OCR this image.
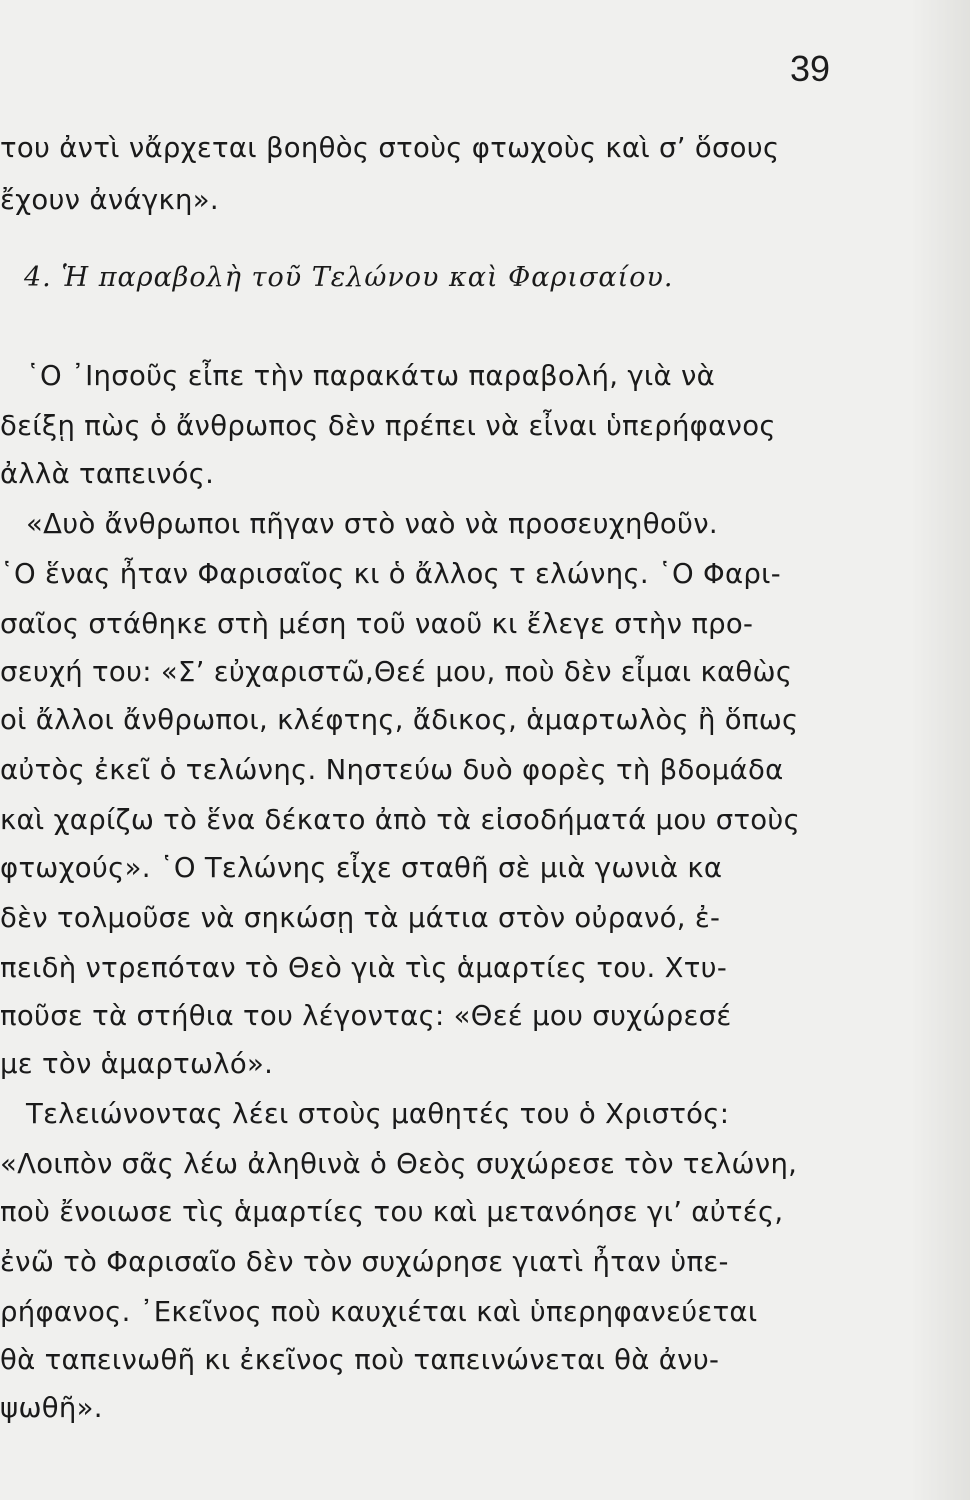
39
του ἀντὶ νἄρχεται βοηθὸς στοὺς φτωχοὺς καὶ σ’ ὅσους
ἔχουν ἀνάγκη».
4. Ἡ παραβολὴ τοῦ Τελώνου καὶ Φαρισαίου.
῾Ο ᾿Ιησοῦς εἶπε τὴν παρακάτω παραβολή, γιὰ νὰ
δείξῃ πὼς ὁ ἄνθρωπος δὲν πρέπει νὰ εἶναι ὑπερήφανος
ἀλλὰ ταπεινός.
«Δυὸ ἄνθρωποι πῆγαν στὸ ναὸ νὰ προσευχηθοῦν.
῾Ο ἕνας ἦταν Φαρισαῖος κι ὁ ἄλλος τ ελώνης. ῾Ο Φαρι-
σαῖος στάθηκε στὴ μέση τοῦ ναοῦ κι ἔλεγε στὴν προ-
σευχή του: «Σ’ εὐχαριστῶ,Θεέ μου, ποὺ δὲν εἶμαι καθὼς
οἱ ἄλλοι ἄνθρωποι, κλέφτης, ἄδικος, ἁμαρτωλὸς ἢ ὅπως
αὐτὸς ἐκεῖ ὁ τελώνης. Νηστεύω δυὸ φορὲς τὴ βδομάδα
καὶ χαρίζω τὸ ἕνα δέκατο ἀπὸ τὰ εἰσοδήματά μου στοὺς
φτωχούς». ῾Ο Τελώνης εἶχε σταθῆ σὲ μιὰ γωνιὰ κα
δὲν τολμοῦσε νὰ σηκώσῃ τὰ μάτια στὸν οὐρανό, ἐ-
πειδὴ ντρεπόταν τὸ Θεὸ γιὰ τὶς ἁμαρτίες του. Χτυ-
ποῦσε τὰ στήθια του λέγοντας: «Θεέ μου συχώρεσέ
με τὸν ἁμαρτωλό».
Τελειώνοντας λέει στοὺς μαθητές του ὁ Χριστός:
«Λοιπὸν σᾶς λέω ἀληθινὰ ὁ Θεὸς συχώρεσε τὸν τελώνη,
ποὺ ἔνοιωσε τὶς ἁμαρτίες του καὶ μετανόησε γι’ αὐτές,
ἐνῶ τὸ Φαρισαῖο δὲν τὸν συχώρησε γιατὶ ἦταν ὑπε-
ρήφανος. ᾿Εκεῖνος ποὺ καυχιέται καὶ ὑπερηφανεύεται
θὰ ταπεινωθῆ κι ἐκεῖνος ποὺ ταπεινώνεται θὰ ἀνυ-
ψωθῆ».
